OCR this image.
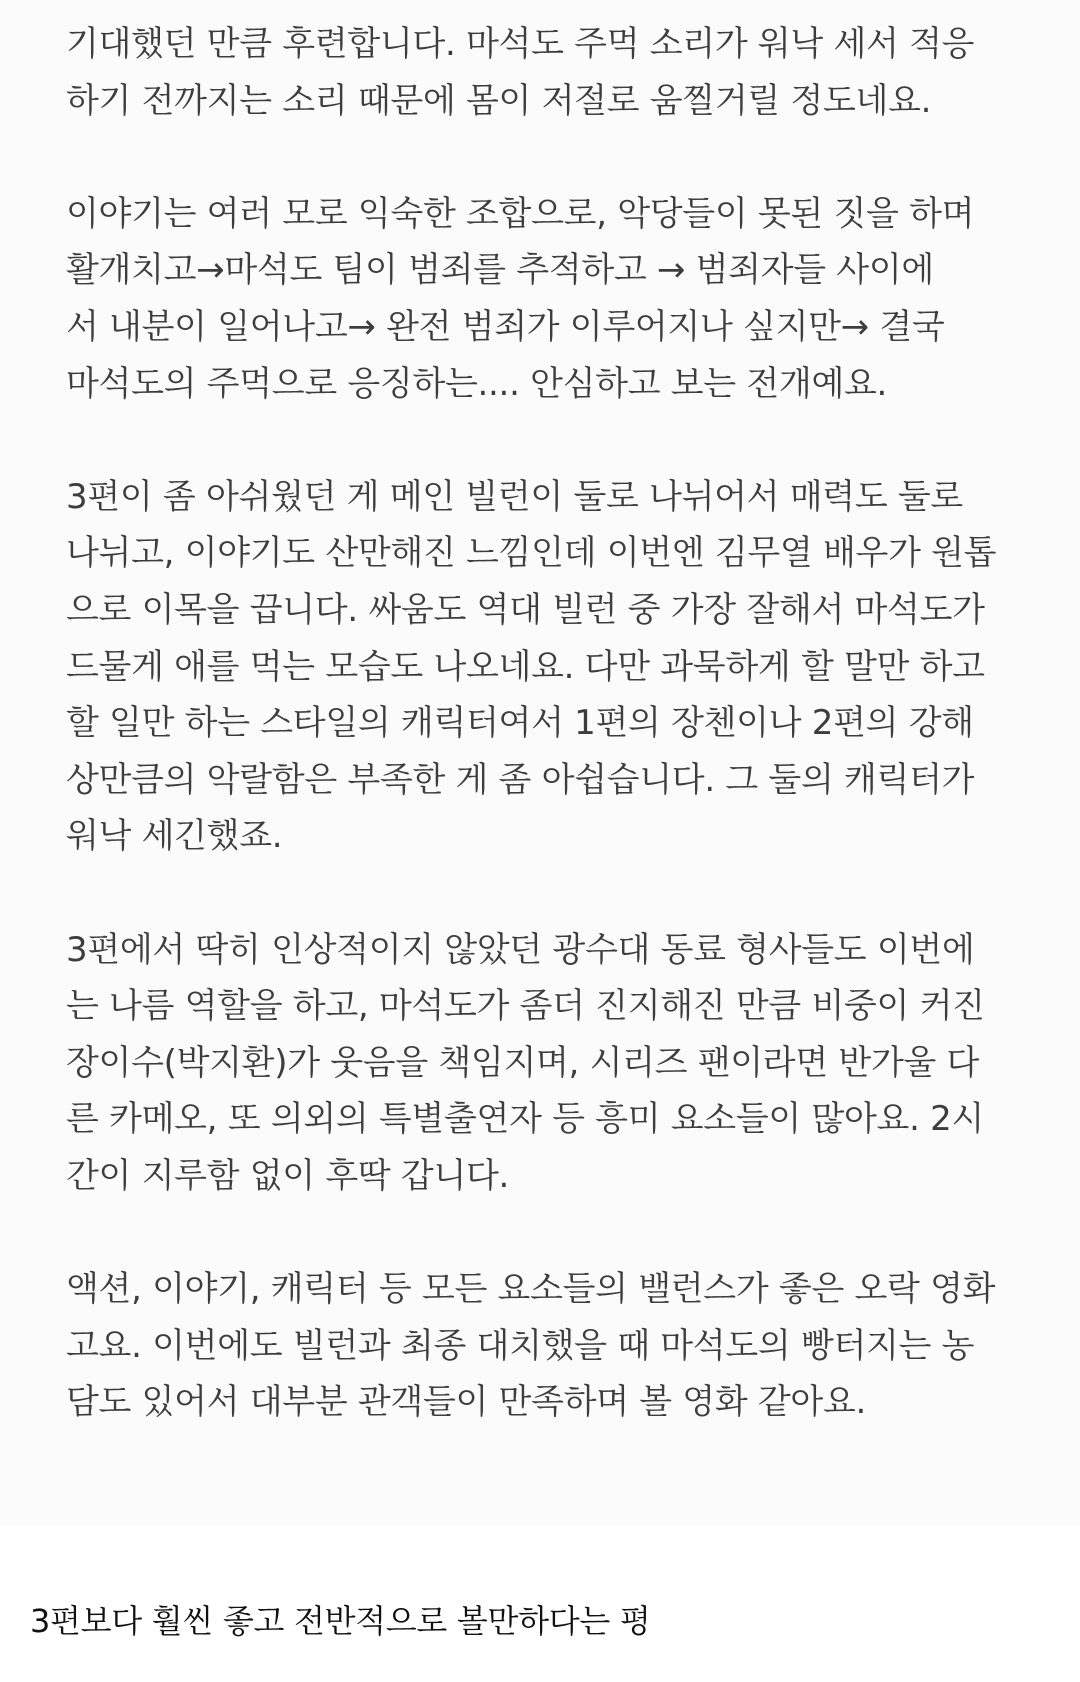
기대했던 만큼 후련합니다. 마석도 주먹 소리가 워낙 세서 적응
하기 전까지는 소리 때문에 몸이 저절로 움찔거릴 정도네요.

이야기는 여러 모로 익숙한 조합으로, 악당들이 못된 짓을 하며
활개치고→마석도 팀이 범죄를 추적하고 → 범죄자들 사이에
서 내분이 일어나고→ 완전 범죄가 이루어지나 싶지만→ 결국
마석도의 주먹으로 응징하는.... 안심하고 보는 전개예요.

3편이 좀 아쉬웠던 게 메인 빌런이 둘로 나뉘어서 매력도 둘로
나뉘고, 이야기도 산만해진 느낌인데 이번엔 김무열 배우가 원톱
으로 이목을 끕니다. 싸움도 역대 빌런 중 가장 잘해서 마석도가
드물게 애를 먹는 모습도 나오네요. 다만 과묵하게 할 말만 하고
할 일만 하는 스타일의 캐릭터여서 1편의 장첸이나 2편의 강해
상만큼의 악랄함은 부족한 게 좀 아쉽습니다. 그 둘의 캐릭터가
워낙 세긴했죠.

3편에서 딱히 인상적이지 않았던 광수대 동료 형사들도 이번에
는 나름 역할을 하고, 마석도가 좀더 진지해진 만큼 비중이 커진
장이수(박지환)가 웃음을 책임지며, 시리즈 팬이라면 반가울 다
른 카메오, 또 의외의 특별출연자 등 흥미 요소들이 많아요. 2시
간이 지루함 없이 후딱 갑니다.

액션, 이야기, 캐릭터 등 모든 요소들의 밸런스가 좋은 오락 영화
고요. 이번에도 빌런과 최종 대치했을 때 마석도의 빵터지는 농
담도 있어서 대부분 관객들이 만족하며 볼 영화 같아요.

3편보다 훨씬 좋고 전반적으로 볼만하다는 평
